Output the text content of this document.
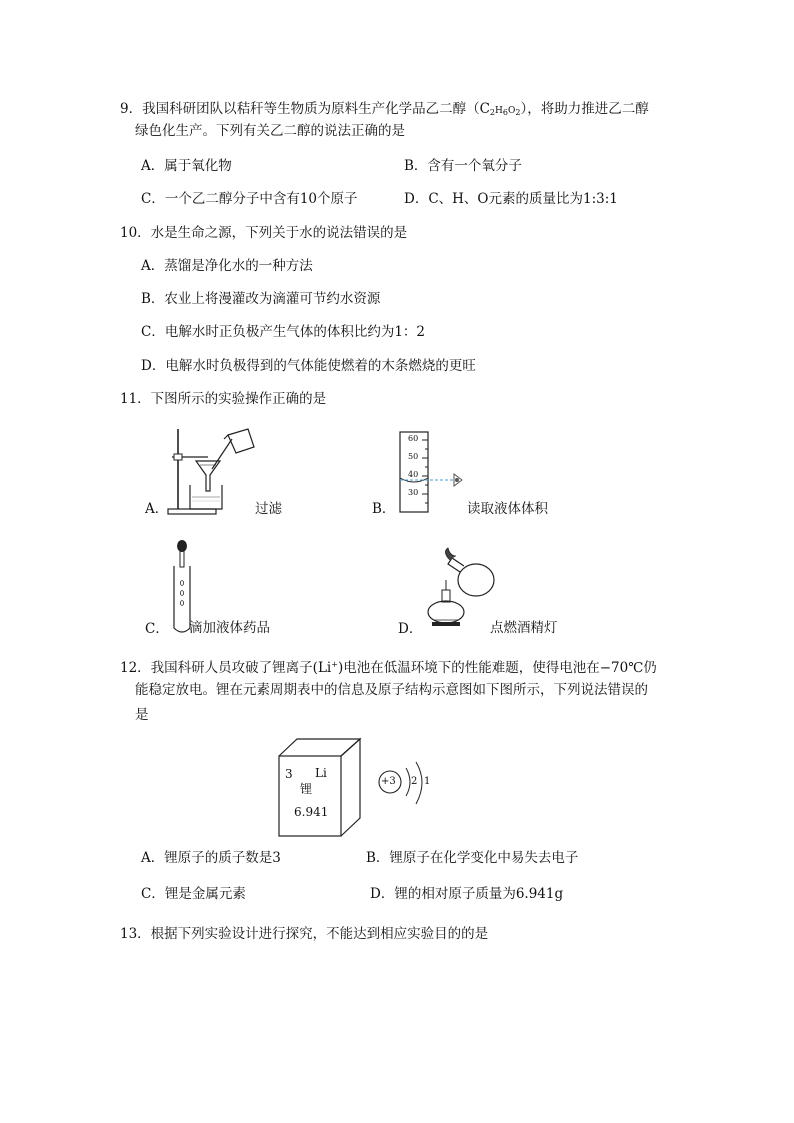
9．我国科研团队以秸秆等生物质为原料生产化学品乙二醇$(C_2H_6O_2)$，将助力推进乙二醇
绿色化生产。下列有关乙二醇的说法正确的是
A．属于氧化物	B．含有一个氧分子
C．一个乙二醇分子中含有10个原子	D．C、H、O元素的质量比为1:3:1
10．水是生命之源，下列关于水的说法错误的是
A．蒸馏是净化水的一种方法
B．农业上将漫灌改为滴灌可节约水资源
C．电解水时正负极产生气体的体积比约为1：2
D．电解水时负极得到的气体能使燃着的木条燃烧的更旺
11．下图所示的实验操作正确的是
A．	过滤
60
50
40
30
B．	读取液体体积
C． 滴加液体药品	D．	点燃酒精灯
12．我国科研人员攻破了锂离子(Li+)电池在低温环境下的性能难题，使得电池在−70℃仍
能稳定放电。锂在元素周期表中的信息及原子结构示意图如下图所示，下列说法错误的
是
3 Li
锂
6.941
+3 2 1
A．锂原子的质子数是3	B．锂原子在化学变化中易失去电子
C．锂是金属元素	D．锂的相对原子质量为6.941g
13．根据下列实验设计进行探究，不能达到相应实验目的的是
